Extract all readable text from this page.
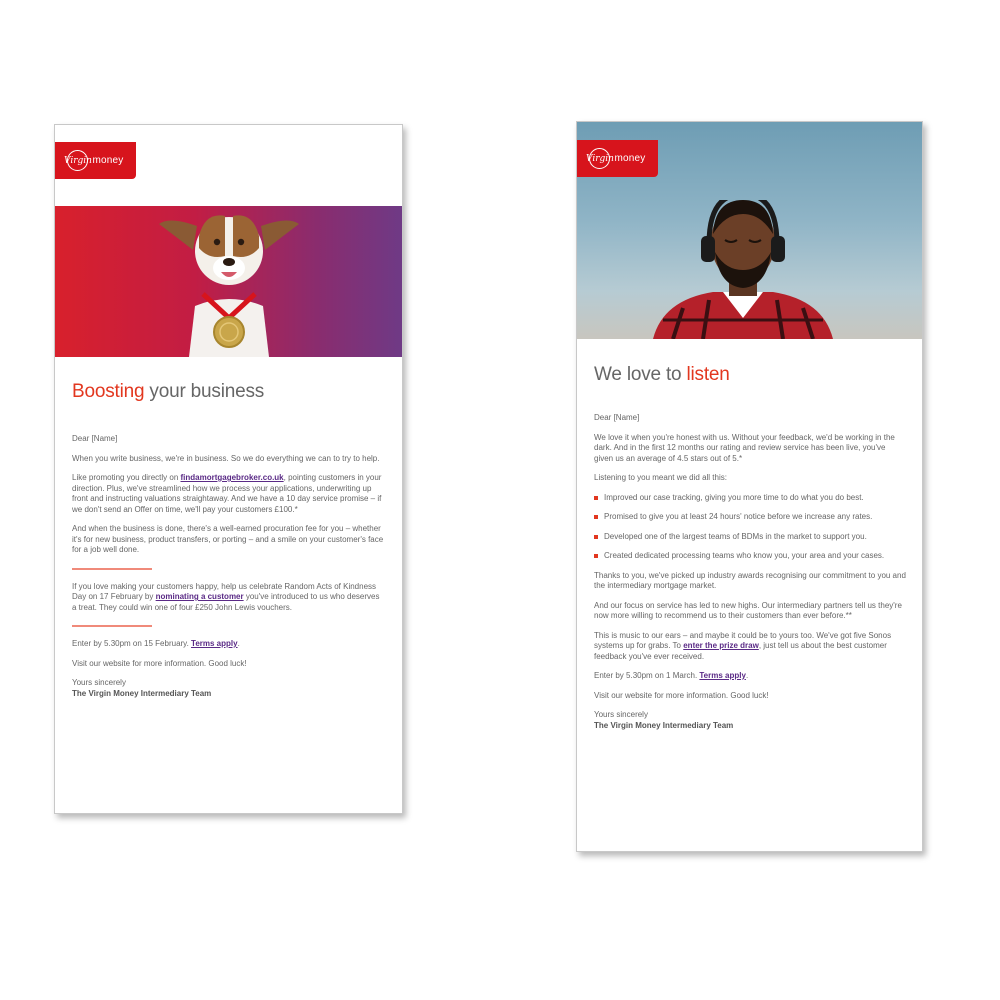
Virgin money
Boosting your business

Dear [Name]

When you write business, we're in business. So we do everything we can to try to help.

Like promoting you directly on findamortgagebroker.co.uk, pointing customers in your direction. Plus, we've streamlined how we process your applications, underwriting up front and instructing valuations straightaway. And we have a 10 day service promise – if we don't send an Offer on time, we'll pay your customers £100.*

And when the business is done, there's a well-earned procuration fee for you – whether it's for new business, product transfers, or porting – and a smile on your customer's face for a job well done.

If you love making your customers happy, help us celebrate Random Acts of Kindness Day on 17 February by nominating a customer you've introduced to us who deserves a treat. They could win one of four £250 John Lewis vouchers.

Enter by 5.30pm on 15 February. Terms apply.

Visit our website for more information. Good luck!

Yours sincerely
The Virgin Money Intermediary Team
Virgin money
We love to listen

Dear [Name]

We love it when you're honest with us. Without your feedback, we'd be working in the dark. And in the first 12 months our rating and review service has been live, you've given us an average of 4.5 stars out of 5.*

Listening to you meant we did all this:

Improved our case tracking, giving you more time to do what you do best.
Promised to give you at least 24 hours' notice before we increase any rates.
Developed one of the largest teams of BDMs in the market to support you.
Created dedicated processing teams who know you, your area and your cases.

Thanks to you, we've picked up industry awards recognising our commitment to you and the intermediary mortgage market.

And our focus on service has led to new highs. Our intermediary partners tell us they're now more willing to recommend us to their customers than ever before.**

This is music to our ears – and maybe it could be to yours too. We've got five Sonos systems up for grabs. To enter the prize draw, just tell us about the best customer feedback you've ever received.

Enter by 5.30pm on 1 March. Terms apply.

Visit our website for more information. Good luck!

Yours sincerely
The Virgin Money Intermediary Team
